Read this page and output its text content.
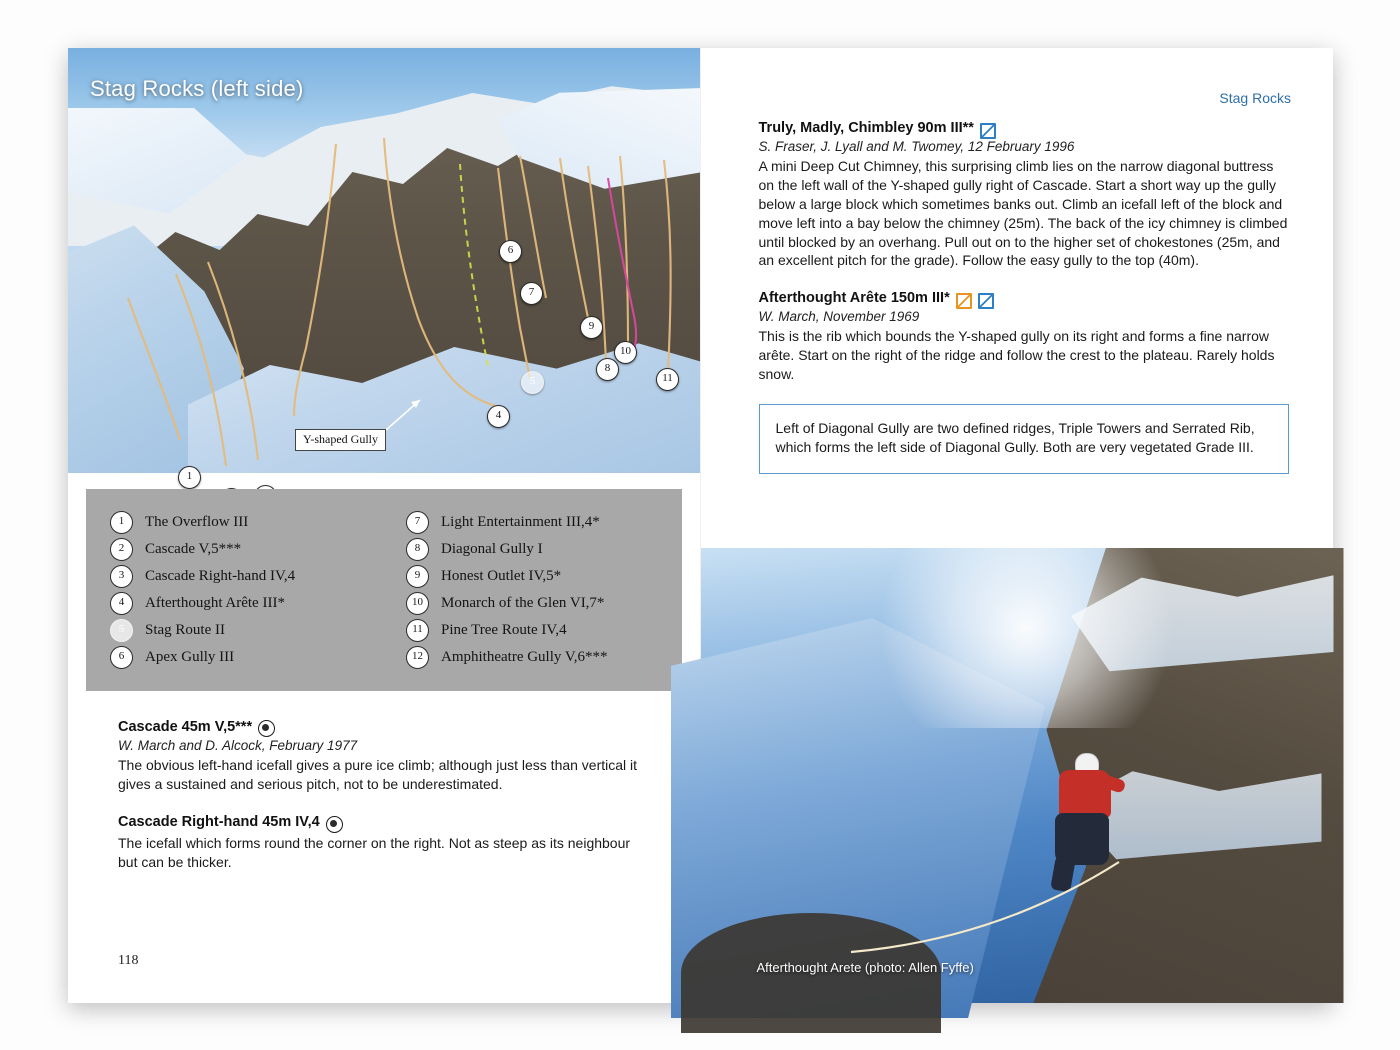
Stag Rocks (left side)
6
7
9
10
8
11
5
4
1
Y-shaped Gully
1	The Overflow III
2	Cascade V,5***
3	Cascade Right-hand IV,4
4	Afterthought Arête III*
5	Stag Route II
6	Apex Gully III
7	Light Entertainment III,4*
8	Diagonal Gully I
9	Honest Outlet IV,5*
10	Monarch of the Glen VI,7*
11	Pine Tree Route IV,4
12	Amphitheatre Gully V,6***
Cascade 45m V,5***
W. March and D. Alcock, February 1977
The obvious left-hand icefall gives a pure ice climb; although just less than vertical it gives a sustained and serious pitch, not to be underestimated.
Cascade Right-hand 45m IV,4
The icefall which forms round the corner on the right. Not as steep as its neighbour but can be thicker.
118
Stag Rocks
Truly, Madly, Chimbley 90m III**
S. Fraser, J. Lyall and M. Twomey, 12 February 1996
A mini Deep Cut Chimney, this surprising climb lies on the narrow diagonal buttress on the left wall of the Y-shaped gully right of Cascade. Start a short way up the gully below a large block which sometimes banks out. Climb an icefall left of the block and move left into a bay below the chimney (25m). The back of the icy chimney is climbed until blocked by an overhang. Pull out on to the higher set of chokestones (25m, and an excellent pitch for the grade). Follow the easy gully to the top (40m).
Afterthought Arête 150m III*
W. March, November 1969
This is the rib which bounds the Y-shaped gully on its right and forms a fine narrow arête. Start on the right of the ridge and follow the crest to the plateau. Rarely holds snow.
Left of Diagonal Gully are two defined ridges, Triple Towers and Serrated Rib, which forms the left side of Diagonal Gully. Both are very vegetated Grade III.
Afterthought Arete (photo: Allen Fyffe)
